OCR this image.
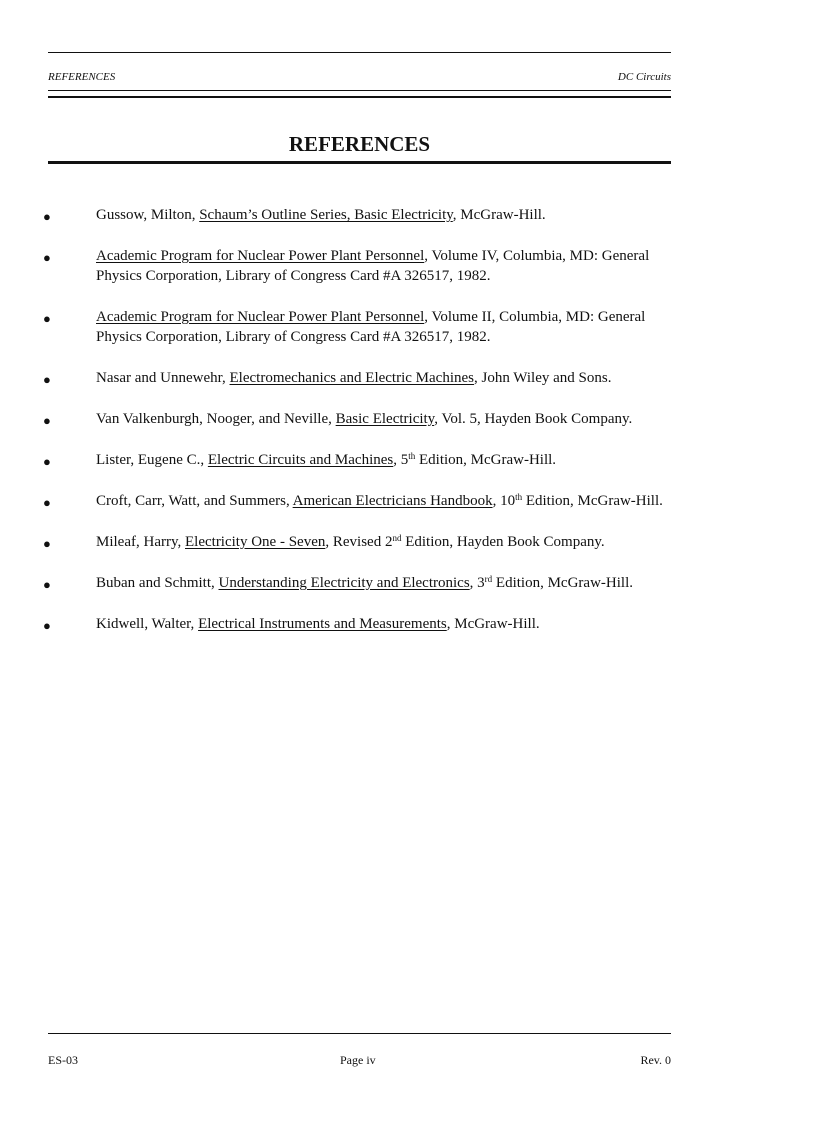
REFERENCES	DC Circuits
REFERENCES
●	Gussow, Milton, Schaum’s Outline Series, Basic Electricity, McGraw-Hill.
●	Academic Program for Nuclear Power Plant Personnel, Volume IV, Columbia, MD: General Physics Corporation, Library of Congress Card #A 326517, 1982.
●	Academic Program for Nuclear Power Plant Personnel, Volume II, Columbia, MD: General Physics Corporation, Library of Congress Card #A 326517, 1982.
●	Nasar and Unnewehr, Electromechanics and Electric Machines, John Wiley and Sons.
●	Van Valkenburgh, Nooger, and Neville, Basic Electricity, Vol. 5, Hayden Book Company.
●	Lister, Eugene C., Electric Circuits and Machines, 5th Edition, McGraw-Hill.
●	Croft, Carr, Watt, and Summers, American Electricians Handbook, 10th Edition, McGraw-Hill.
●	Mileaf, Harry, Electricity One - Seven, Revised 2nd Edition, Hayden Book Company.
●	Buban and Schmitt, Understanding Electricity and Electronics, 3rd Edition, McGraw-Hill.
●	Kidwell, Walter, Electrical Instruments and Measurements, McGraw-Hill.
ES-03	Page iv	Rev. 0
